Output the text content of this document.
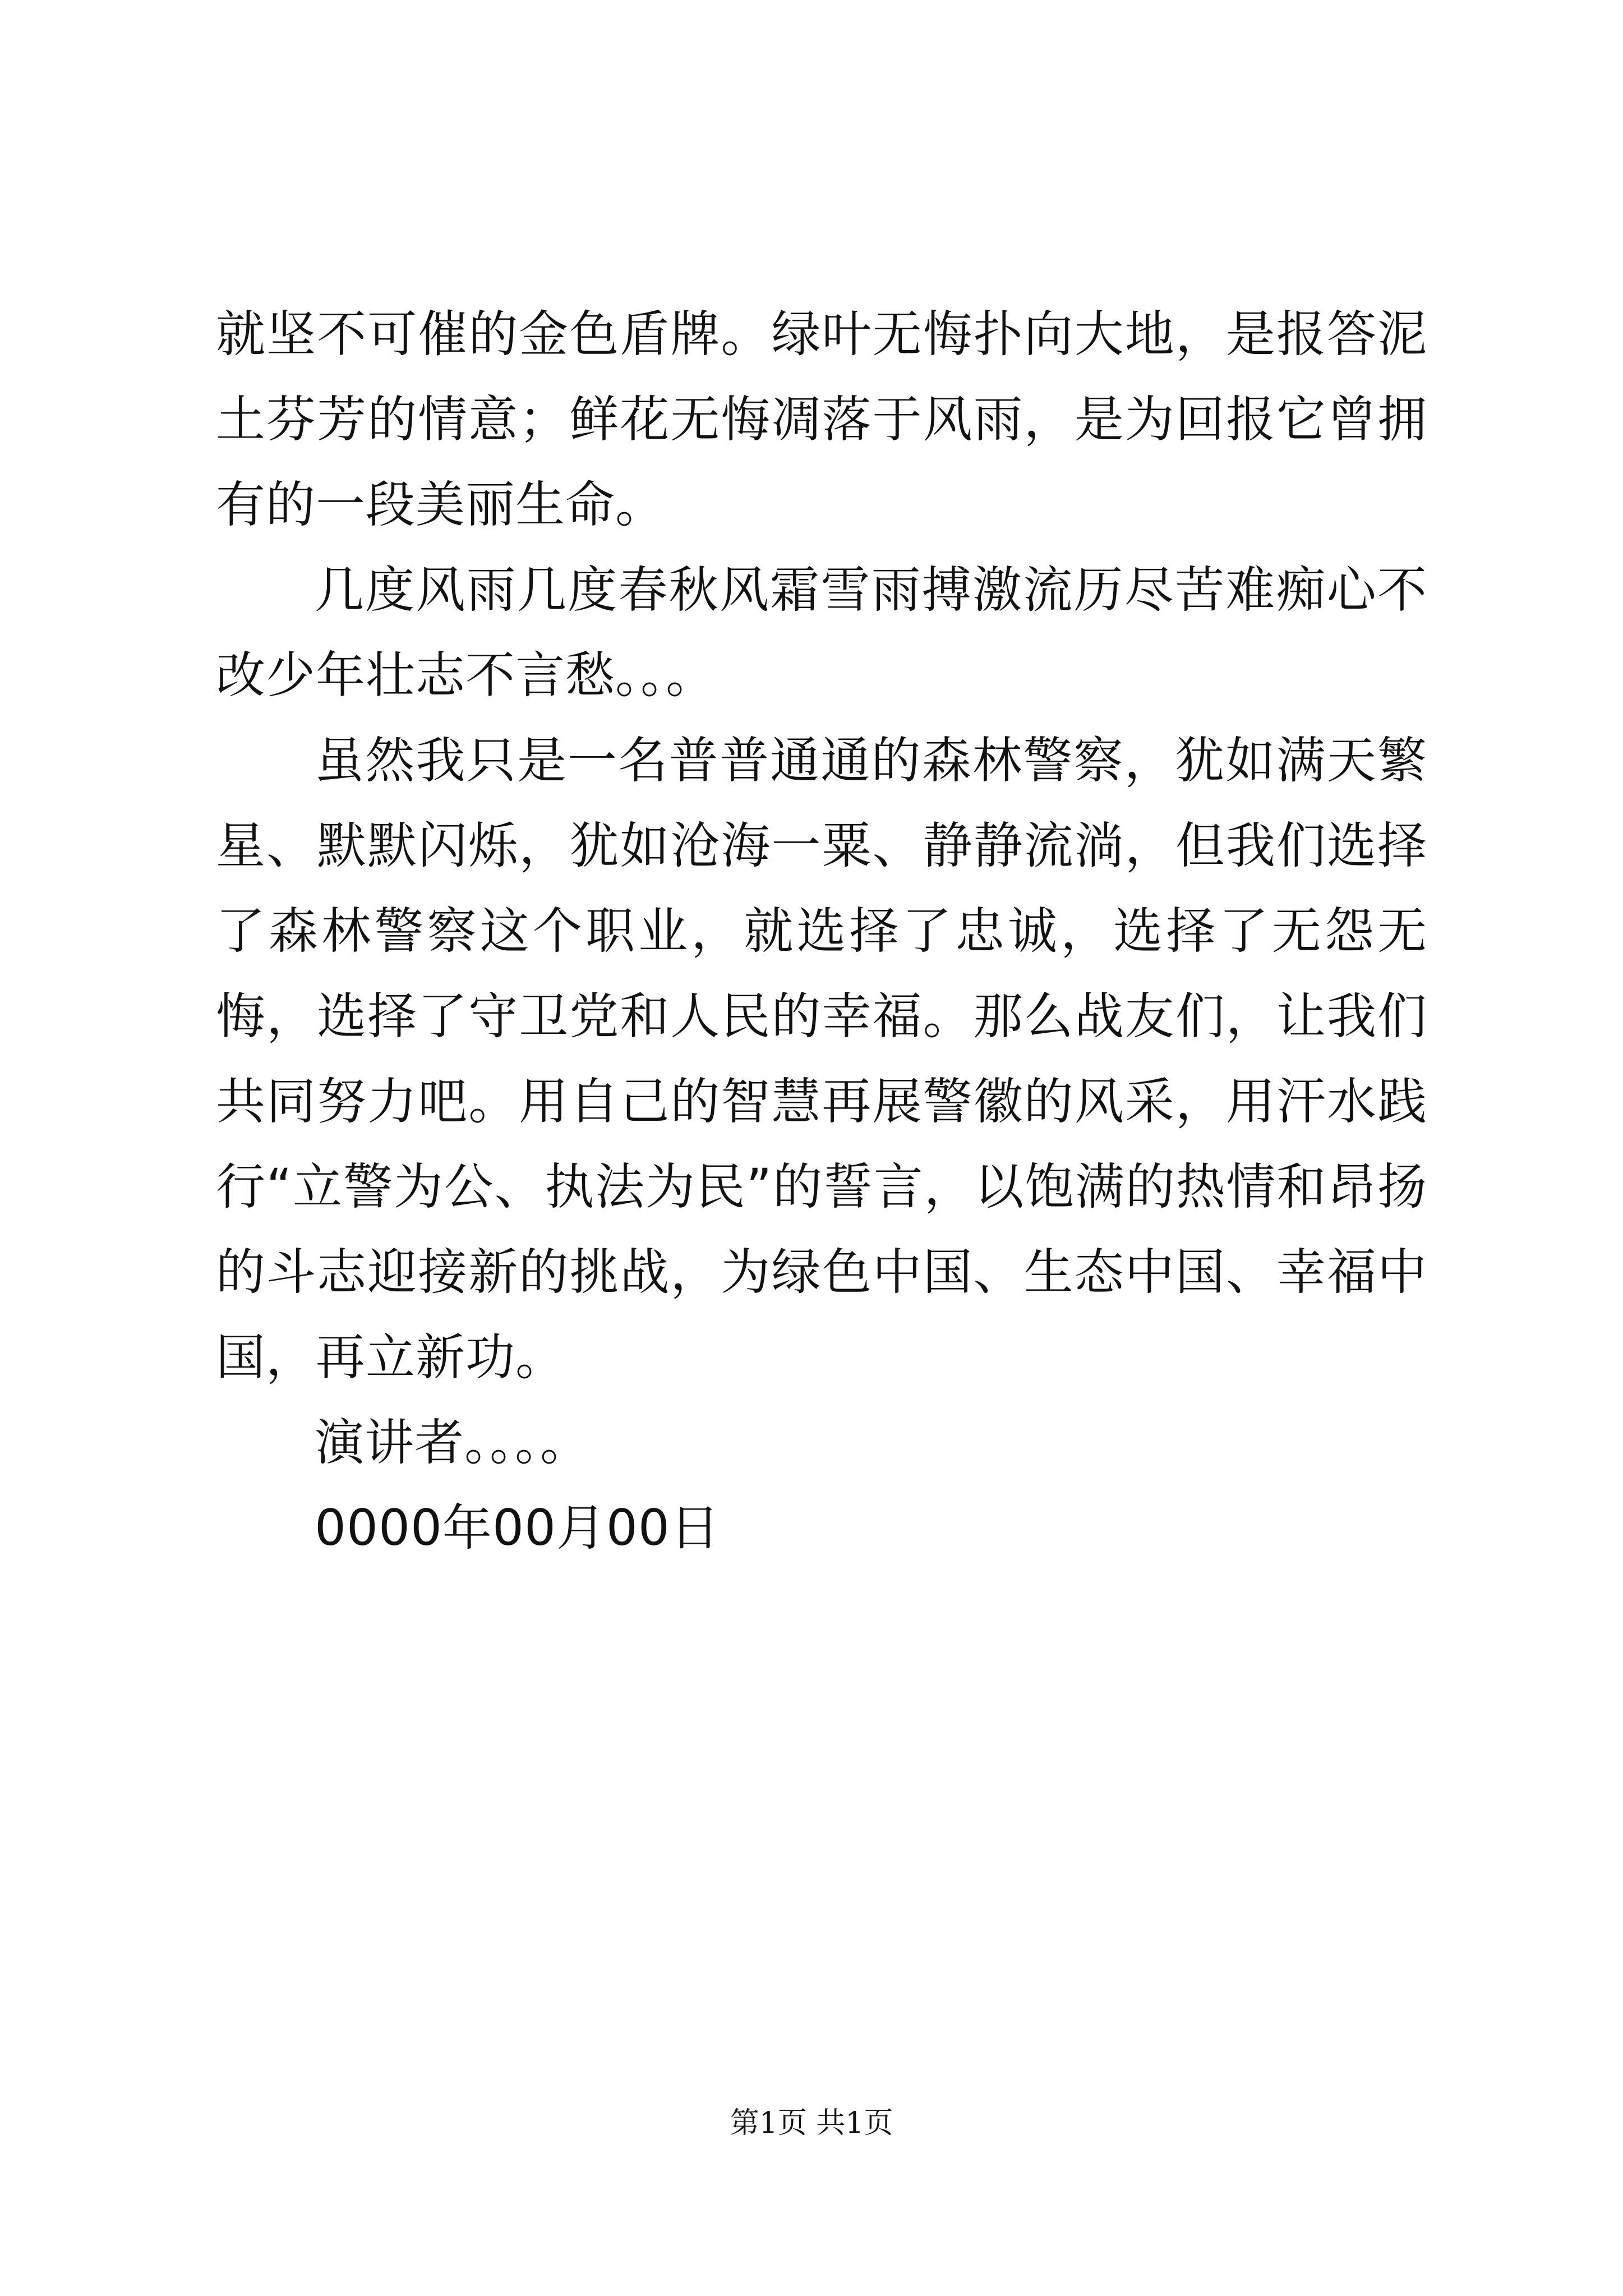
就坚不可催的金色盾牌。绿叶无悔扑向大地，是报答泥土芬芳的情意；鲜花无悔凋落于风雨，是为回报它曾拥有的一段美丽生命。

几度风雨几度春秋风霜雪雨搏激流历尽苦难痴心不改少年壮志不言愁。。。

虽然我只是一名普普通通的森林警察，犹如满天繁星、默默闪烁，犹如沧海一粟、静静流淌，但我们选择了森林警察这个职业，就选择了忠诚，选择了无怨无悔，选择了守卫党和人民的幸福。那么战友们，让我们共同努力吧。用自己的智慧再展警徽的风采，用汗水践行“立警为公、执法为民”的誓言，以饱满的热情和昂扬的斗志迎接新的挑战，为绿色中国、生态中国、幸福中国，再立新功。

演讲者。。。。

0000年00月00日

第1页 共1页
